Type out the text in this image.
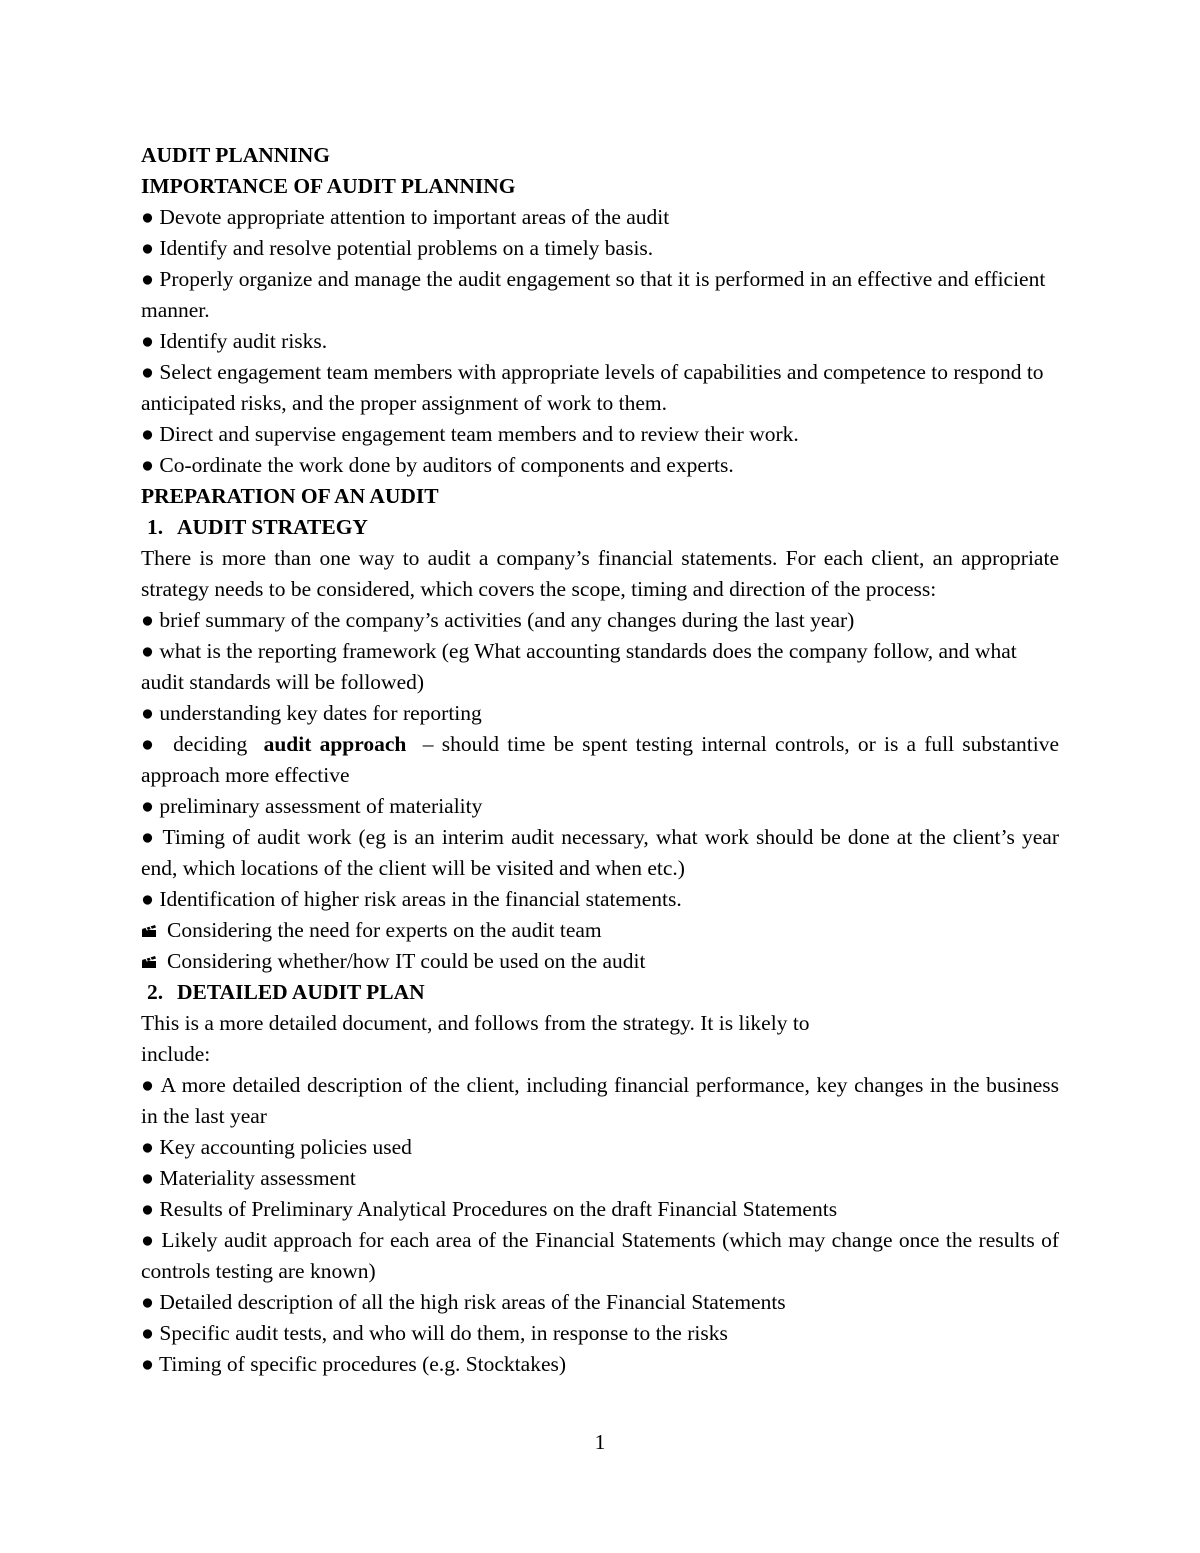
AUDIT PLANNING

IMPORTANCE OF AUDIT PLANNING

● Devote appropriate attention to important areas of the audit

● Identify and resolve potential problems on a timely basis.

● Properly organize and manage the audit engagement so that it is performed in an effective and efficient manner.

● Identify audit risks.

● Select engagement team members with appropriate levels of capabilities and competence to respond to anticipated risks, and the proper assignment of work to them.

● Direct and supervise engagement team members and to review their work.

● Co-ordinate the work done by auditors of components and experts.

PREPARATION OF AN AUDIT

1. AUDIT STRATEGY

There is more than one way to audit a company’s financial statements. For each client, an appropriate strategy needs to be considered, which covers the scope, timing and direction of the process:

● brief summary of the company’s activities (and any changes during the last year)

● what is the reporting framework (eg What accounting standards does the company follow, and what audit standards will be followed)

● understanding key dates for reporting

● deciding audit approach – should time be spent testing internal controls, or is a full substantive approach more effective

● preliminary assessment of materiality

● Timing of audit work (eg is an interim audit necessary, what work should be done at the client’s year end, which locations of the client will be visited and when etc.)

● Identification of higher risk areas in the financial statements.

Considering the need for experts on the audit team

Considering whether/how IT could be used on the audit

2. DETAILED AUDIT PLAN

This is a more detailed document, and follows from the strategy. It is likely to

include:

● A more detailed description of the client, including financial performance, key changes in the business in the last year

● Key accounting policies used

● Materiality assessment

● Results of Preliminary Analytical Procedures on the draft Financial Statements

● Likely audit approach for each area of the Financial Statements (which may change once the results of controls testing are known)

● Detailed description of all the high risk areas of the Financial Statements

● Specific audit tests, and who will do them, in response to the risks

● Timing of specific procedures (e.g. Stocktakes)

1
